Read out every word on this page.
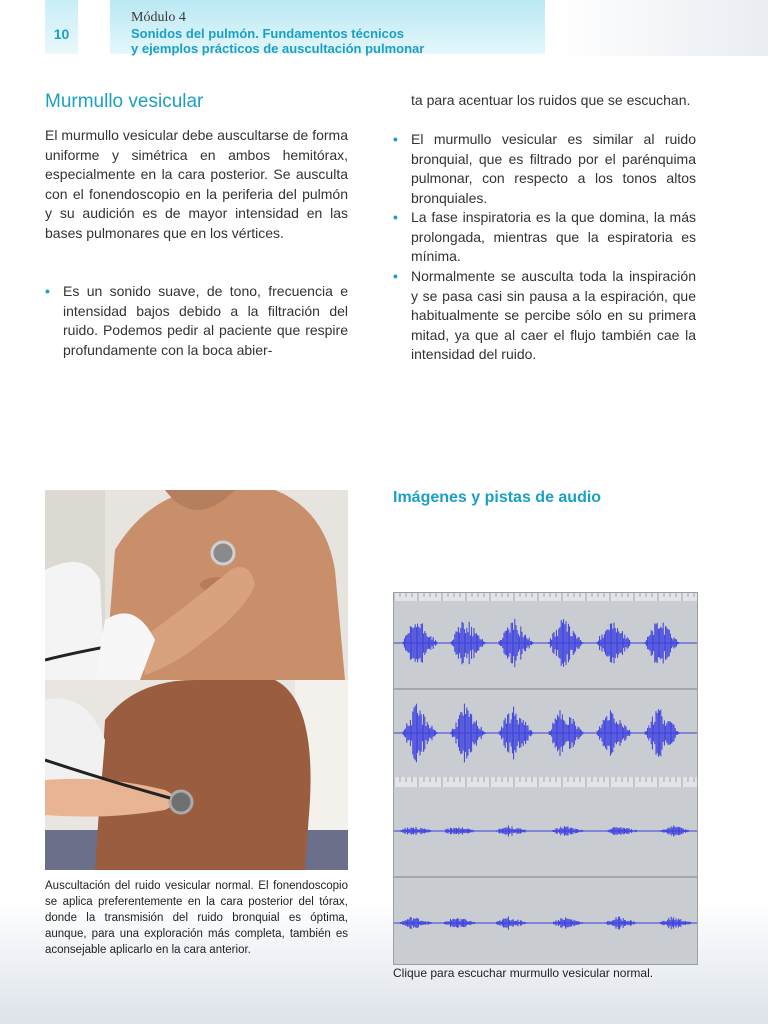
10
Módulo 4
Sonidos del pulmón. Fundamentos técnicos
y ejemplos prácticos de auscultación pulmonar
Murmullo vesicular
El murmullo vesicular debe auscultarse de forma uniforme y simétrica en ambos hemitórax, especialmente en la cara posterior. Se ausculta con el fonendoscopio en la periferia del pulmón y su audición es de mayor intensidad en las bases pulmonares que en los vértices.
• Es un sonido suave, de tono, frecuencia e intensidad bajos debido a la filtración del ruido. Podemos pedir al paciente que respire profundamente con la boca abier-
ta para acentuar los ruidos que se escuchan.
• El murmullo vesicular es similar al ruido bronquial, que es filtrado por el parénquima pulmonar, con respecto a los tonos altos bronquiales.
• La fase inspiratoria es la que domina, la más prolongada, mientras que la espiratoria es mínima.
• Normalmente se ausculta toda la inspiración y se pasa casi sin pausa a la espiración, que habitualmente se percibe sólo en su primera mitad, ya que al caer el flujo también cae la intensidad del ruido.
Auscultación del ruido vesicular normal. El fonendoscopio se aplica preferentemente en la cara posterior del tórax, donde la transmisión del ruido bronquial es óptima, aunque, para una exploración más completa, también es aconsejable aplicarlo en la cara anterior.
Imágenes y pistas de audio
Clique para escuchar murmullo vesicular normal.
